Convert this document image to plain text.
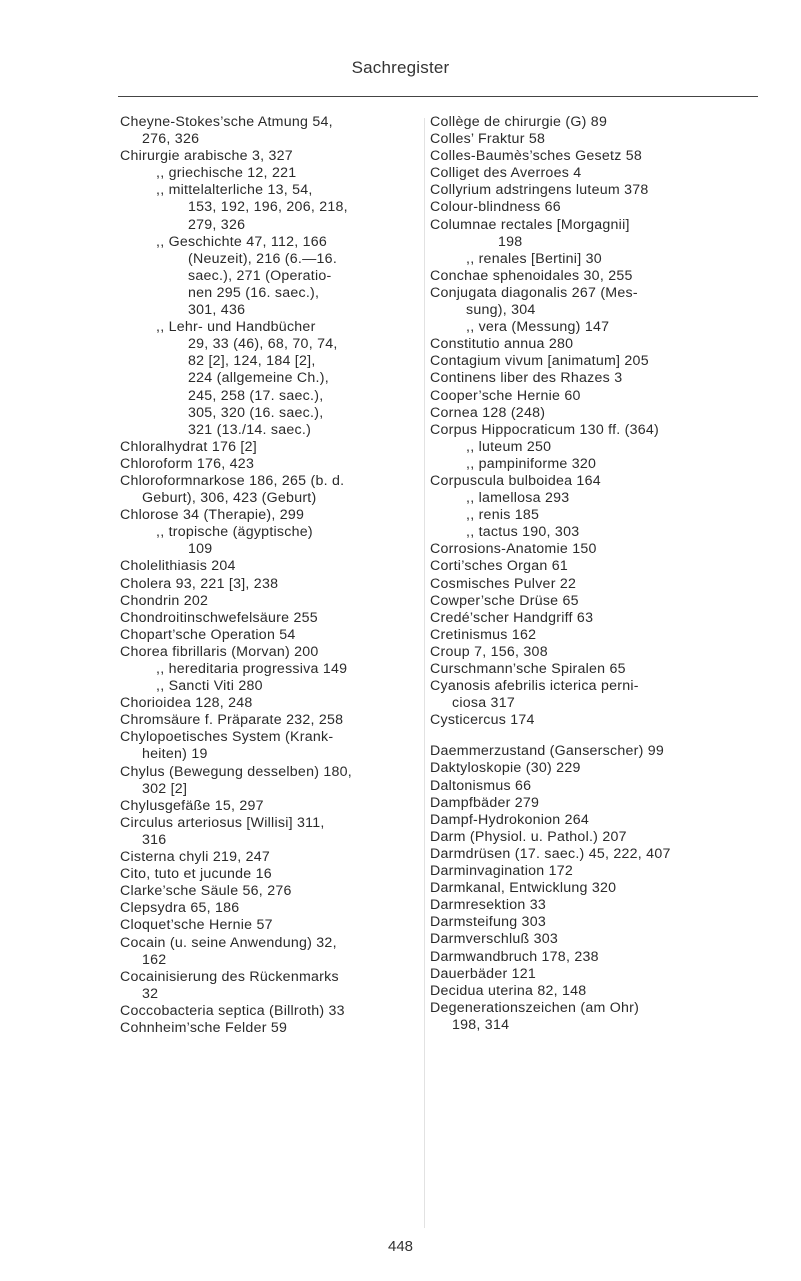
Sachregister
Cheyne-Stokes’sche Atmung 54,
276, 326
Chirurgie arabische 3, 327
,, griechische 12, 221
,, mittelalterliche 13, 54,
153, 192, 196, 206, 218,
279, 326
,, Geschichte 47, 112, 166
(Neuzeit), 216 (6.—16.
saec.), 271 (Operatio-
nen 295 (16. saec.),
301, 436
,, Lehr- und Handbücher
29, 33 (46), 68, 70, 74,
82 [2], 124, 184 [2],
224 (allgemeine Ch.),
245, 258 (17. saec.),
305, 320 (16. saec.),
321 (13./14. saec.)
Chloralhydrat 176 [2]
Chloroform 176, 423
Chloroformnarkose 186, 265 (b. d.
Geburt), 306, 423 (Geburt)
Chlorose 34 (Therapie), 299
,, tropische (ägyptische)
109
Cholelithiasis 204
Cholera 93, 221 [3], 238
Chondrin 202
Chondroitinschwefelsäure 255
Chopart’sche Operation 54
Chorea fibrillaris (Morvan) 200
,, hereditaria progressiva 149
,, Sancti Viti 280
Chorioidea 128, 248
Chromsäure f. Präparate 232, 258
Chylopoetisches System (Krank-
heiten) 19
Chylus (Bewegung desselben) 180,
302 [2]
Chylusgefäße 15, 297
Circulus arteriosus [Willisi] 311,
316
Cisterna chyli 219, 247
Cito, tuto et jucunde 16
Clarke’sche Säule 56, 276
Clepsydra 65, 186
Cloquet’sche Hernie 57
Cocain (u. seine Anwendung) 32,
162
Cocainisierung des Rückenmarks
32
Coccobacteria septica (Billroth) 33
Cohnheim’sche Felder 59
Collège de chirurgie (G) 89
Colles’ Fraktur 58
Colles-Baumès’sches Gesetz 58
Colliget des Averroes 4
Collyrium adstringens luteum 378
Colour-blindness 66
Columnae rectales [Morgagnii]
198
,, renales [Bertini] 30
Conchae sphenoidales 30, 255
Conjugata diagonalis 267 (Mes-
sung), 304
,, vera (Messung) 147
Constitutio annua 280
Contagium vivum [animatum] 205
Continens liber des Rhazes 3
Cooper’sche Hernie 60
Cornea 128 (248)
Corpus Hippocraticum 130 ff. (364)
,, luteum 250
,, pampiniforme 320
Corpuscula bulboidea 164
,, lamellosa 293
,, renis 185
,, tactus 190, 303
Corrosions-Anatomie 150
Corti’sches Organ 61
Cosmisches Pulver 22
Cowper’sche Drüse 65
Credé’scher Handgriff 63
Cretinismus 162
Croup 7, 156, 308
Curschmann’sche Spiralen 65
Cyanosis afebrilis icterica perni-
ciosa 317
Cysticercus 174
Daemmerzustand (Ganserscher) 99
Daktyloskopie (30) 229
Daltonismus 66
Dampfbäder 279
Dampf-Hydrokonion 264
Darm (Physiol. u. Pathol.) 207
Darmdrüsen (17. saec.) 45, 222, 407
Darminvagination 172
Darmkanal, Entwicklung 320
Darmresektion 33
Darmsteifung 303
Darmverschluß 303
Darmwandbruch 178, 238
Dauerbäder 121
Decidua uterina 82, 148
Degenerationszeichen (am Ohr)
198, 314
448
